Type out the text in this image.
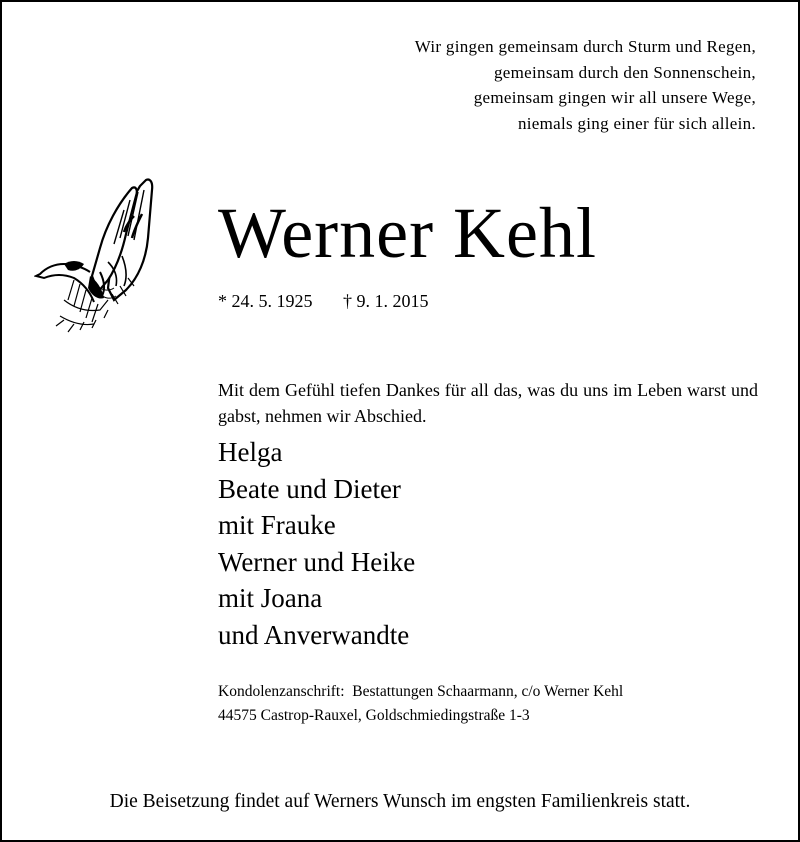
Wir gingen gemeinsam durch Sturm und Regen,
gemeinsam durch den Sonnenschein,
gemeinsam gingen wir all unsere Wege,
niemals ging einer für sich allein.
Werner Kehl
* 24. 5. 1925 † 9. 1. 2015
Mit dem Gefühl tiefen Dankes für all das, was du uns im Leben warst und gabst, nehmen wir Abschied.
Helga
Beate und Dieter
mit Frauke
Werner und Heike
mit Joana
und Anverwandte
Kondolenzanschrift:  Bestattungen Schaarmann, c/o Werner Kehl
44575 Castrop-Rauxel, Goldschmiedingstraße 1-3
Die Beisetzung findet auf Werners Wunsch im engsten Familienkreis statt.
